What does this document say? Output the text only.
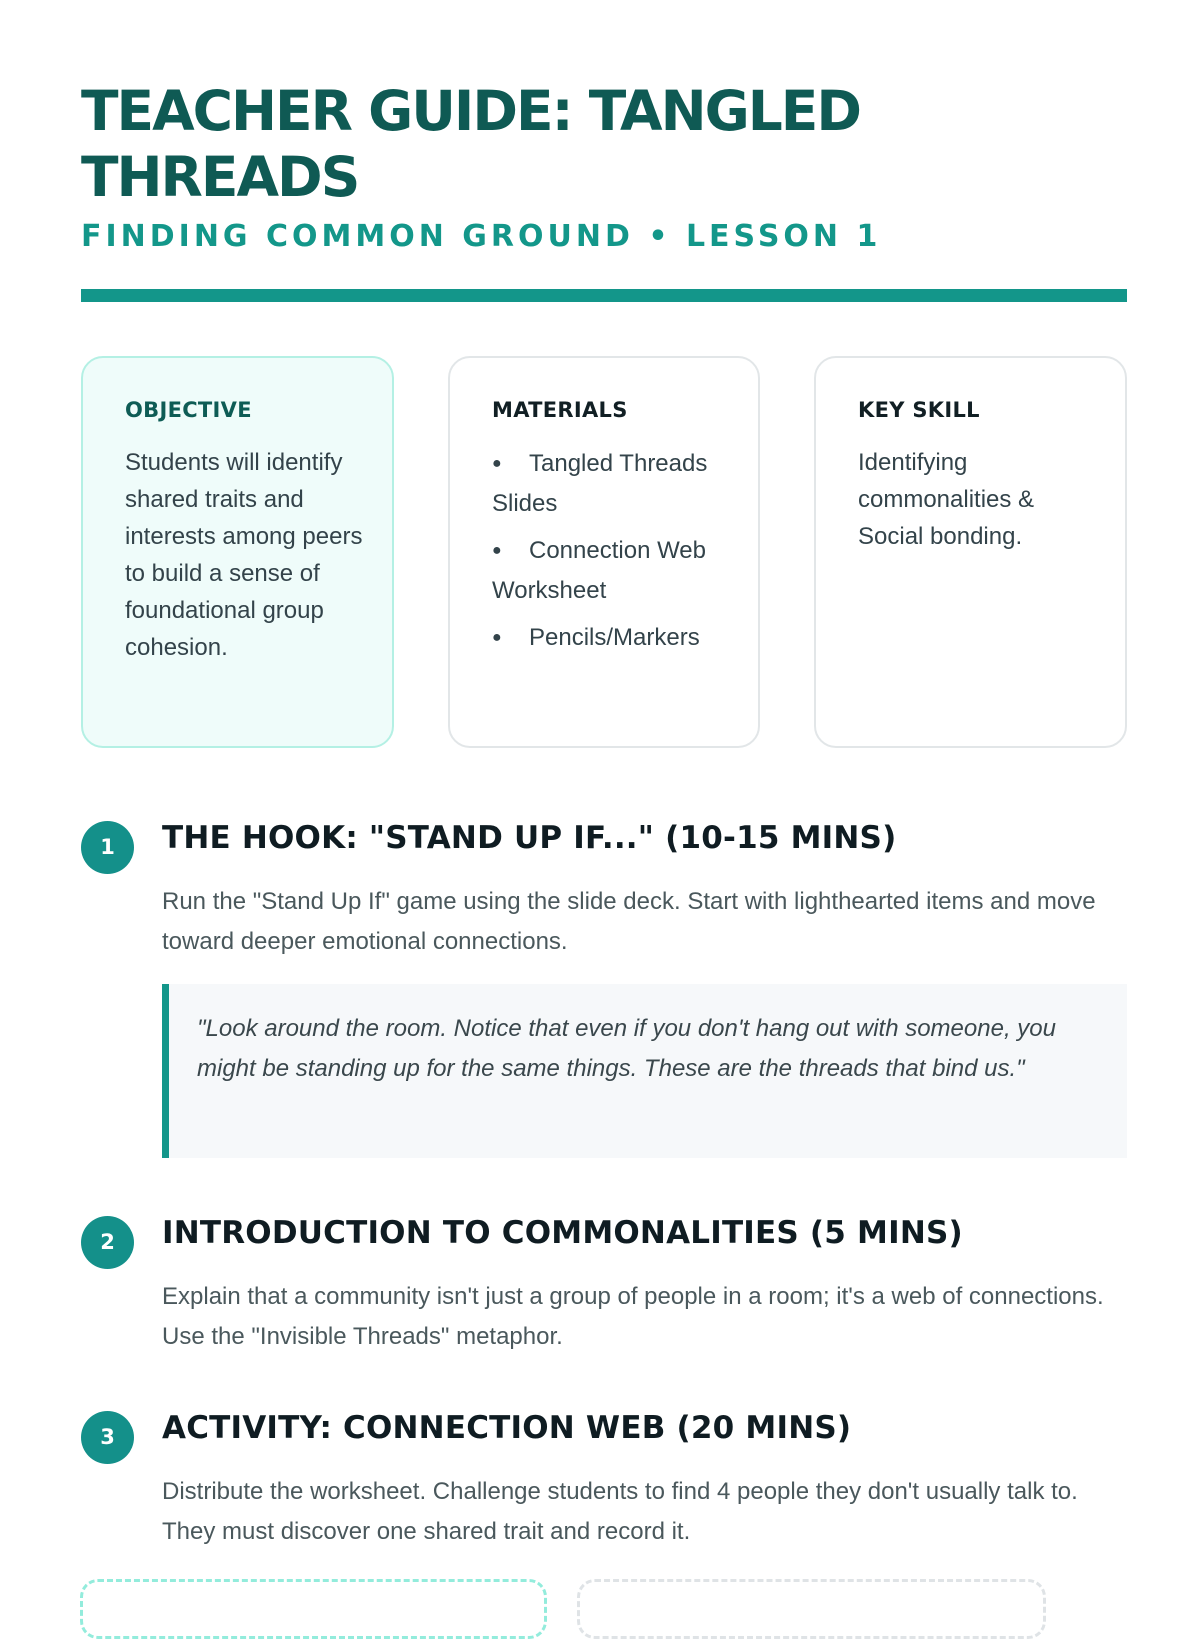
TEACHER GUIDE: TANGLED THREADS
FINDING COMMON GROUND • LESSON 1
OBJECTIVE
Students will identify shared traits and interests among peers to build a sense of foundational group cohesion.
MATERIALS
● Tangled Threads Slides
● Connection Web Worksheet
● Pencils/Markers
KEY SKILL
Identifying commonalities & Social bonding.
1	THE HOOK: "STAND UP IF..." (10-15 MINS)
Run the "Stand Up If" game using the slide deck. Start with lighthearted items and move toward deeper emotional connections.
"Look around the room. Notice that even if you don't hang out with someone, you might be standing up for the same things. These are the threads that bind us."
2	INTRODUCTION TO COMMONALITIES (5 MINS)
Explain that a community isn't just a group of people in a room; it's a web of connections. Use the "Invisible Threads" metaphor.
3	ACTIVITY: CONNECTION WEB (20 MINS)
Distribute the worksheet. Challenge students to find 4 people they don't usually talk to. They must discover one shared trait and record it.
